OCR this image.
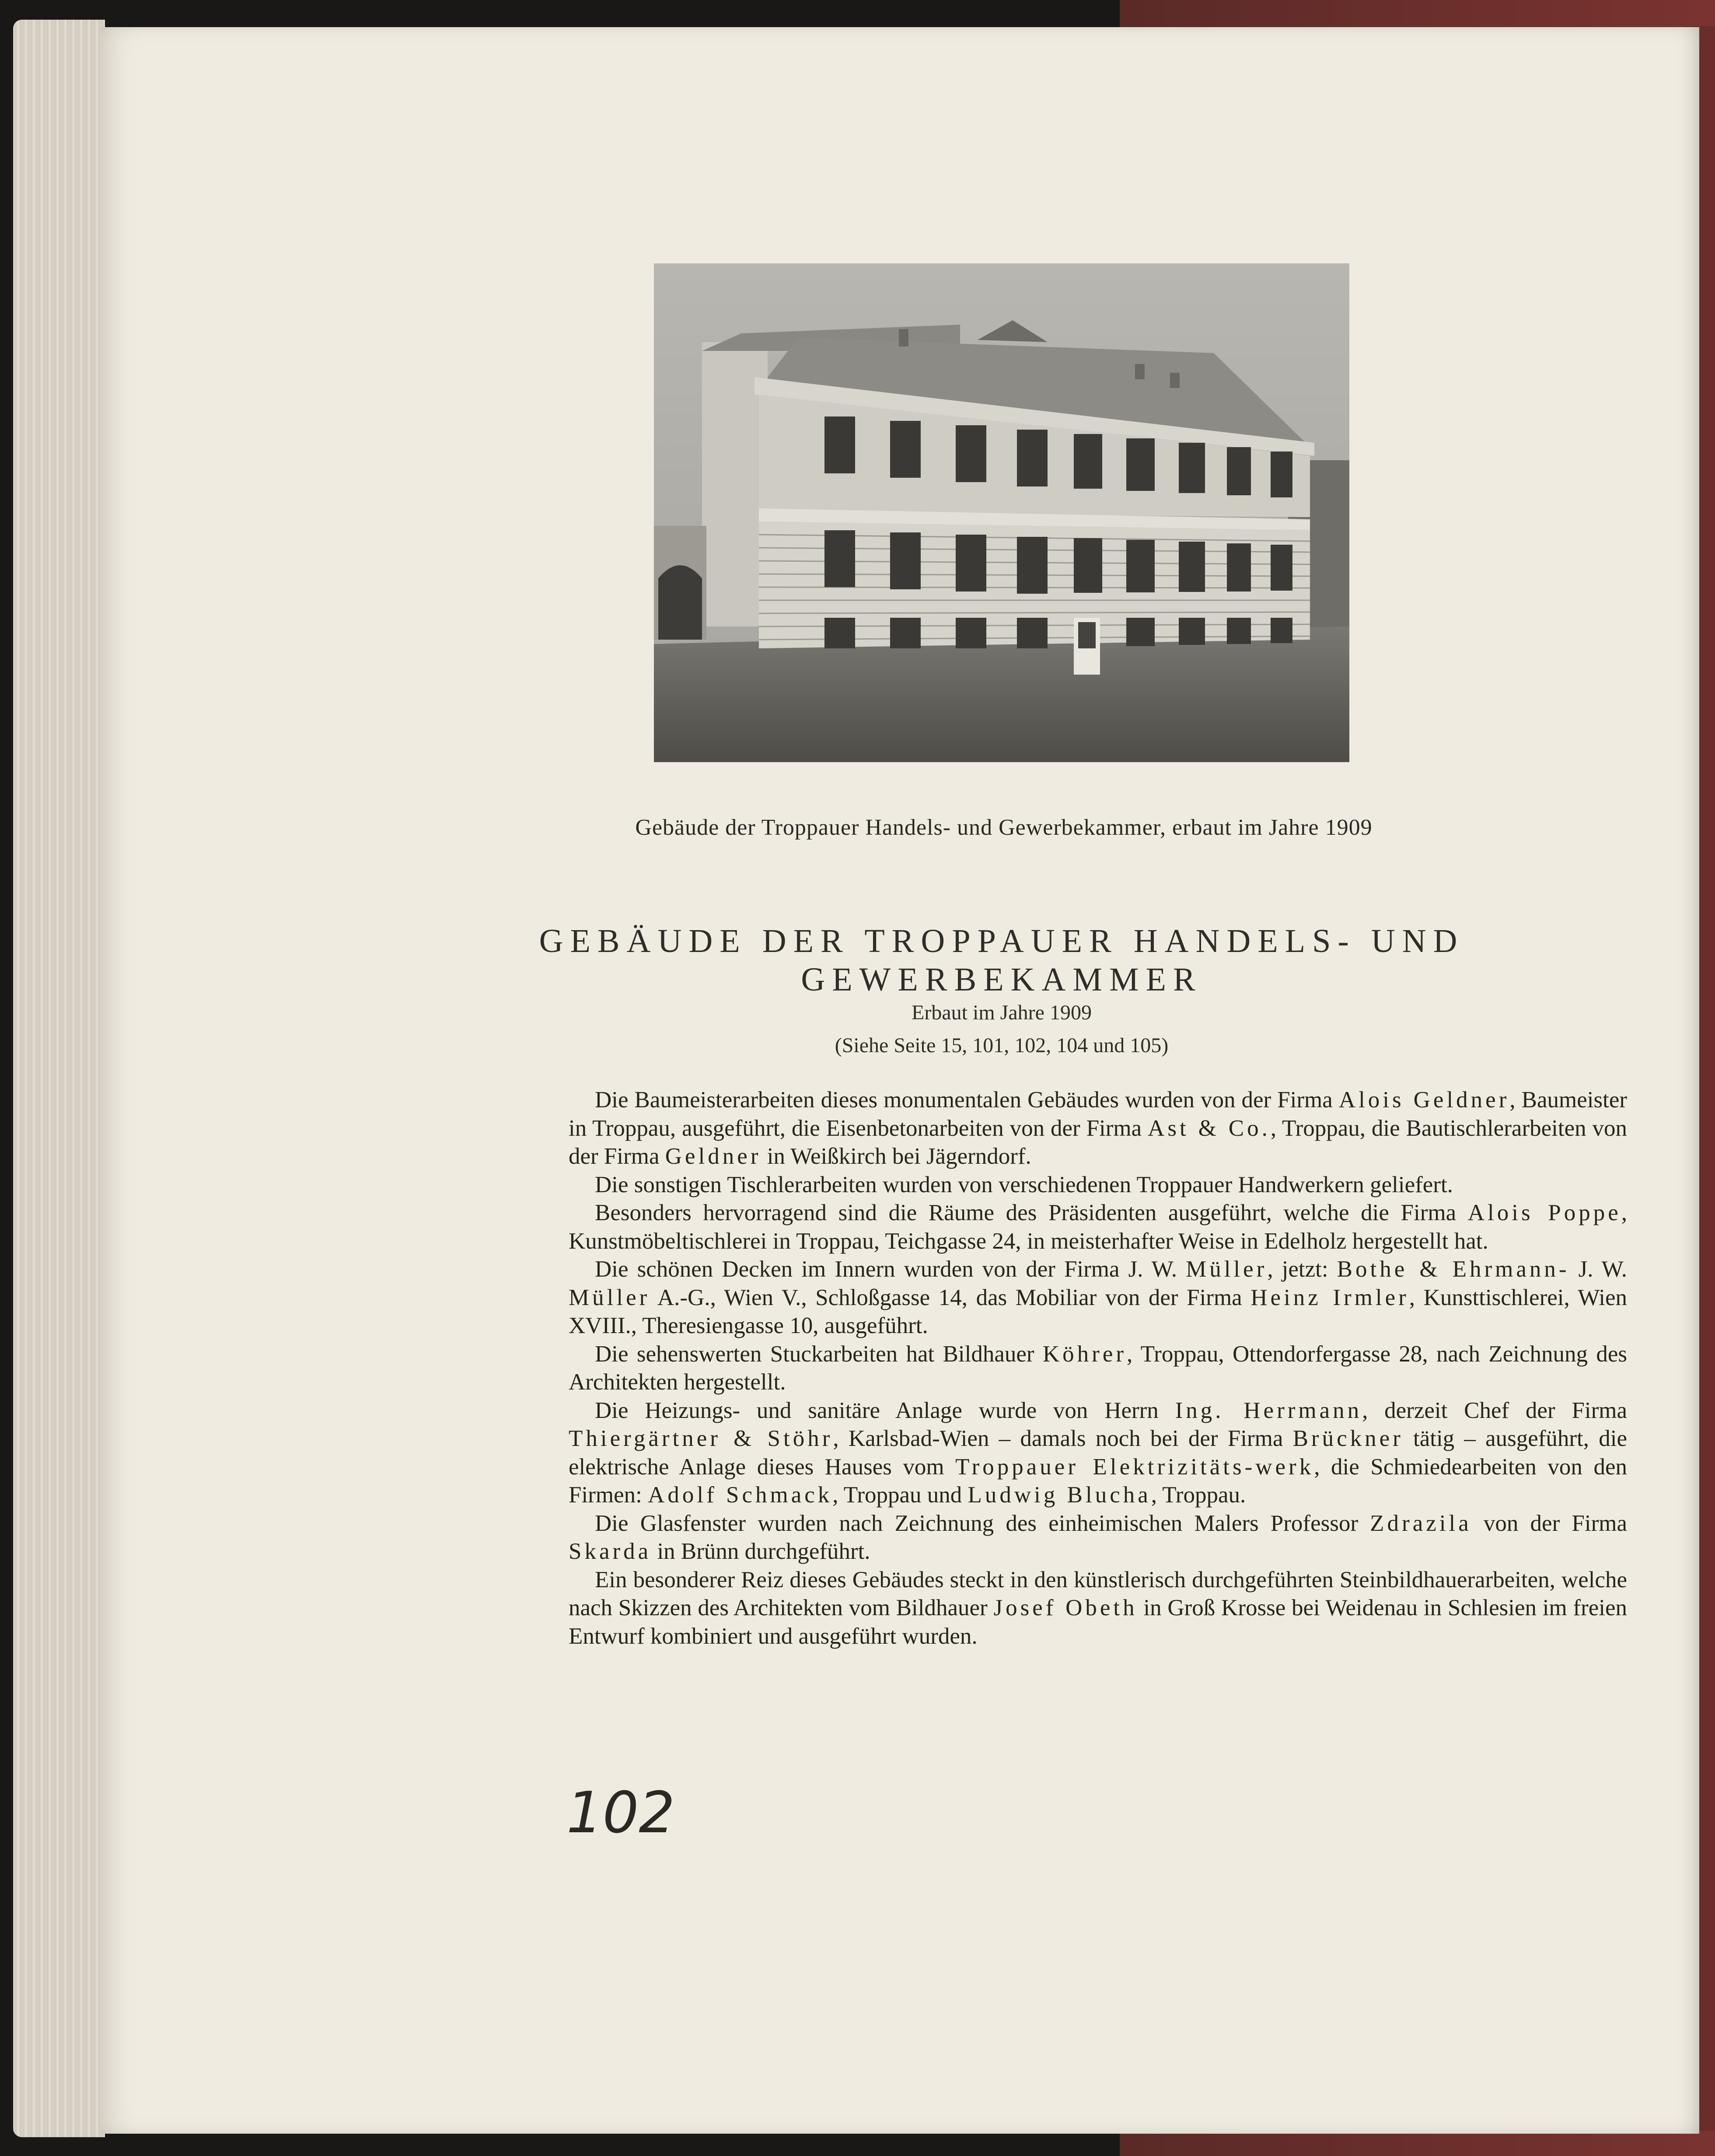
Gebäude der Troppauer Handels- und Gewerbekammer, erbaut im Jahre 1909
GEBÄUDE DER TROPPAUER HANDELS- UND
GEWERBEKAMMER
Erbaut im Jahre 1909
(Siehe Seite 15, 101, 102, 104 und 105)

Die Baumeisterarbeiten dieses monumentalen Gebäudes wurden von der Firma Alois Geldner, Baumeister in Troppau, ausgeführt, die Eisenbetonarbeiten von der Firma Ast & Co., Troppau, die Bautischlerarbeiten von der Firma Geldner in Weißkirch bei Jägerndorf.

Die sonstigen Tischlerarbeiten wurden von verschiedenen Troppauer Handwerkern geliefert.

Besonders hervorragend sind die Räume des Präsidenten ausgeführt, welche die Firma Alois Poppe, Kunstmöbeltischlerei in Troppau, Teichgasse 24, in meisterhafter Weise in Edelholz hergestellt hat.

Die schönen Decken im Innern wurden von der Firma J. W. Müller, jetzt: Bothe & Ehrmann- J. W. Müller A.-G., Wien V., Schloßgasse 14, das Mobiliar von der Firma Heinz Irmler, Kunsttischlerei, Wien XVIII., Theresiengasse 10, ausgeführt.

Die sehenswerten Stuckarbeiten hat Bildhauer Köhrer, Troppau, Ottendorfergasse 28, nach Zeichnung des Architekten hergestellt.

Die Heizungs- und sanitäre Anlage wurde von Herrn Ing. Herrmann, derzeit Chef der Firma Thiergärtner & Stöhr, Karlsbad-Wien – damals noch bei der Firma Brückner tätig – ausgeführt, die elektrische Anlage dieses Hauses vom Troppauer Elektrizitäts-werk, die Schmiedearbeiten von den Firmen: Adolf Schmack, Troppau und Ludwig Blucha, Troppau.

Die Glasfenster wurden nach Zeichnung des einheimischen Malers Professor Zdrazila von der Firma Skarda in Brünn durchgeführt.

Ein besonderer Reiz dieses Gebäudes steckt in den künstlerisch durchgeführten Steinbildhauerarbeiten, welche nach Skizzen des Architekten vom Bildhauer Josef Obeth in Groß Krosse bei Weidenau in Schlesien im freien Entwurf kombiniert und ausgeführt wurden.

102
